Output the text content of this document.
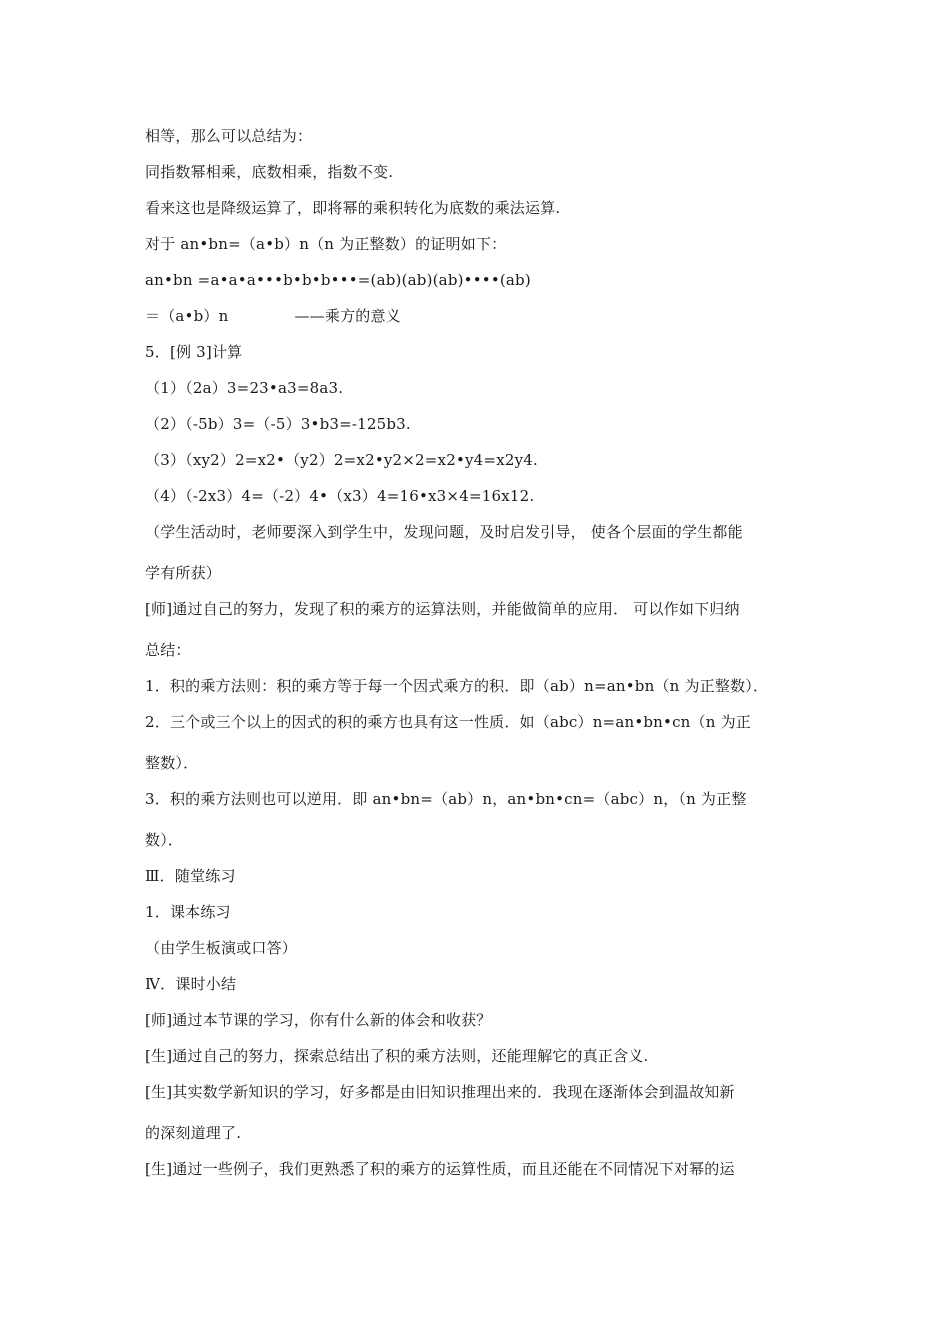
相等，那么可以总结为：
同指数幂相乘，底数相乘，指数不变.
看来这也是降级运算了，即将幂的乘积转化为底数的乘法运算.
对于 an•bn=（a•b）n（n 为正整数）的证明如下：
an•bn =a•a•a•••b•b•b•••=(ab)(ab)(ab)••••(ab)
＝（a•b）n	——乘方的意义
5．[例 3]计算
（1）（2a）3=23•a3=8a3.
（2）（-5b）3=（-5）3•b3=-125b3.
（3）（xy2）2=x2•（y2）2=x2•y2×2=x2•y4=x2y4.
（4）（-2x3）4=（-2）4•（x3）4=16•x3×4=16x12.
（学生活动时，老师要深入到学生中，发现问题，及时启发引导， 使各个层面的学生都能
学有所获）
[师]通过自己的努力，发现了积的乘方的运算法则，并能做简单的应用． 可以作如下归纳
总结：
1．积的乘方法则：积的乘方等于每一个因式乘方的积．即（ab）n=an•bn（n 为正整数）．
2．三个或三个以上的因式的积的乘方也具有这一性质．如（abc）n=an•bn•cn（n 为正
整数）．
3．积的乘方法则也可以逆用．即 an•bn=（ab）n，an•bn•cn=（abc）n，（n 为正整
数）．
Ⅲ．随堂练习
1．课本练习
（由学生板演或口答）
Ⅳ．课时小结
[师]通过本节课的学习，你有什么新的体会和收获？
[生]通过自己的努力，探索总结出了积的乘方法则，还能理解它的真正含义.
[生]其实数学新知识的学习，好多都是由旧知识推理出来的．我现在逐渐体会到温故知新
的深刻道理了.
[生]通过一些例子，我们更熟悉了积的乘方的运算性质，而且还能在不同情况下对幂的运
